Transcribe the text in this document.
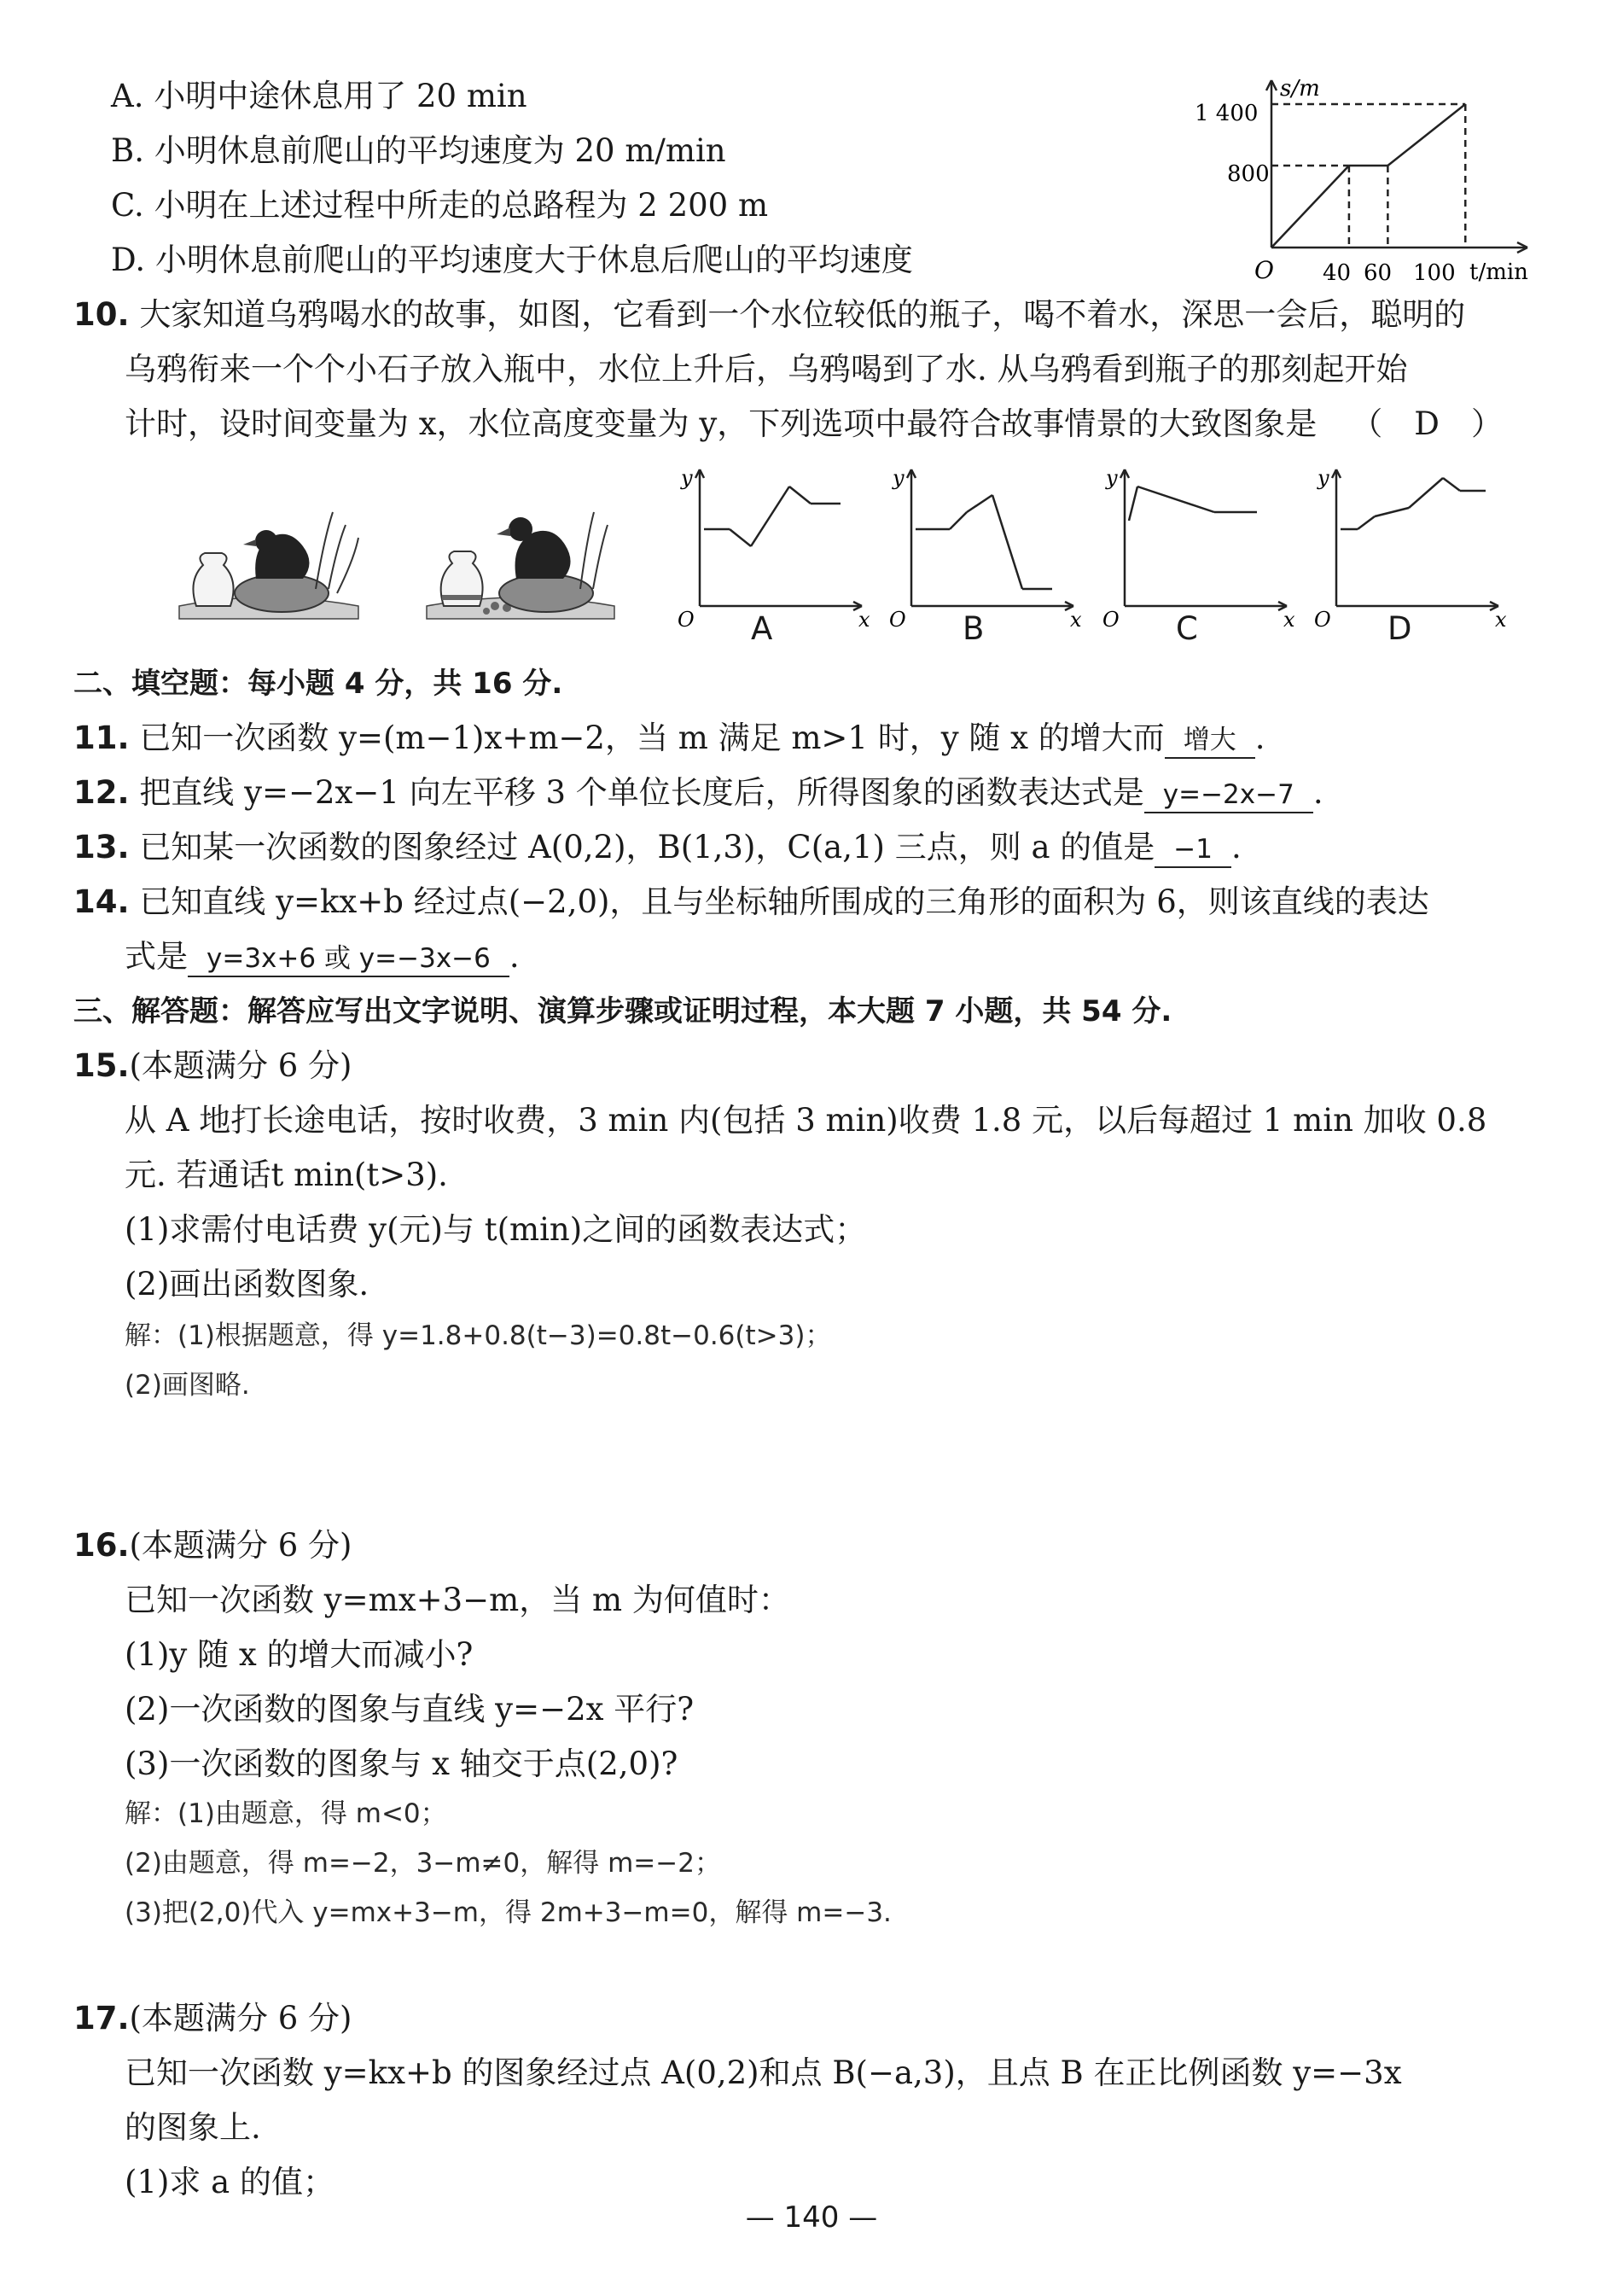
A. 小明中途休息用了 20 min
B. 小明休息前爬山的平均速度为 20 m/min
C. 小明在上述过程中所走的总路程为 2 200 m
D. 小明休息前爬山的平均速度大于休息后爬山的平均速度
s/m
t/min
O
1 400
800
40 60 100
10. 大家知道乌鸦喝水的故事，如图，它看到一个水位较低的瓶子，喝不着水，深思一会后，聪明的
乌鸦衔来一个个小石子放入瓶中，水位上升后，乌鸦喝到了水. 从乌鸦看到瓶子的那刻起开始
计时，设时间变量为 x，水位高度变量为 y，下列选项中最符合故事情景的大致图象是 （　D　）
y
x
O
y
x
O
y
x
O
y
x
O
A	B	C	D
二、填空题：每小题 4 分，共 16 分.
11. 已知一次函数 y=(m−1)x+m−2，当 m 满足 m>1 时，y 随 x 的增大而 增大 .
12. 把直线 y=−2x−1 向左平移 3 个单位长度后，所得图象的函数表达式是 y=−2x−7 .
13. 已知某一次函数的图象经过 A(0,2)，B(1,3)，C(a,1) 三点，则 a 的值是 −1 .
14. 已知直线 y=kx+b 经过点(−2,0)，且与坐标轴所围成的三角形的面积为 6，则该直线的表达
式是 y=3x+6 或 y=−3x−6 .
三、解答题：解答应写出文字说明、演算步骤或证明过程，本大题 7 小题，共 54 分.
15.(本题满分 6 分)
从 A 地打长途电话，按时收费，3 min 内(包括 3 min)收费 1.8 元，以后每超过 1 min 加收 0.8
元. 若通话t min(t>3).
(1)求需付电话费 y(元)与 t(min)之间的函数表达式；
(2)画出函数图象.
解：(1)根据题意，得 y=1.8+0.8(t−3)=0.8t−0.6(t>3)；
(2)画图略.
16.(本题满分 6 分)
已知一次函数 y=mx+3−m，当 m 为何值时：
(1)y 随 x 的增大而减小?
(2)一次函数的图象与直线 y=−2x 平行?
(3)一次函数的图象与 x 轴交于点(2,0)?
解：(1)由题意，得 m<0；
(2)由题意，得 m=−2，3−m≠0，解得 m=−2；
(3)把(2,0)代入 y=mx+3−m，得 2m+3−m=0，解得 m=−3.
17.(本题满分 6 分)
已知一次函数 y=kx+b 的图象经过点 A(0,2)和点 B(−a,3)，且点 B 在正比例函数 y=−3x
的图象上.
(1)求 a 的值；
— 140 —
